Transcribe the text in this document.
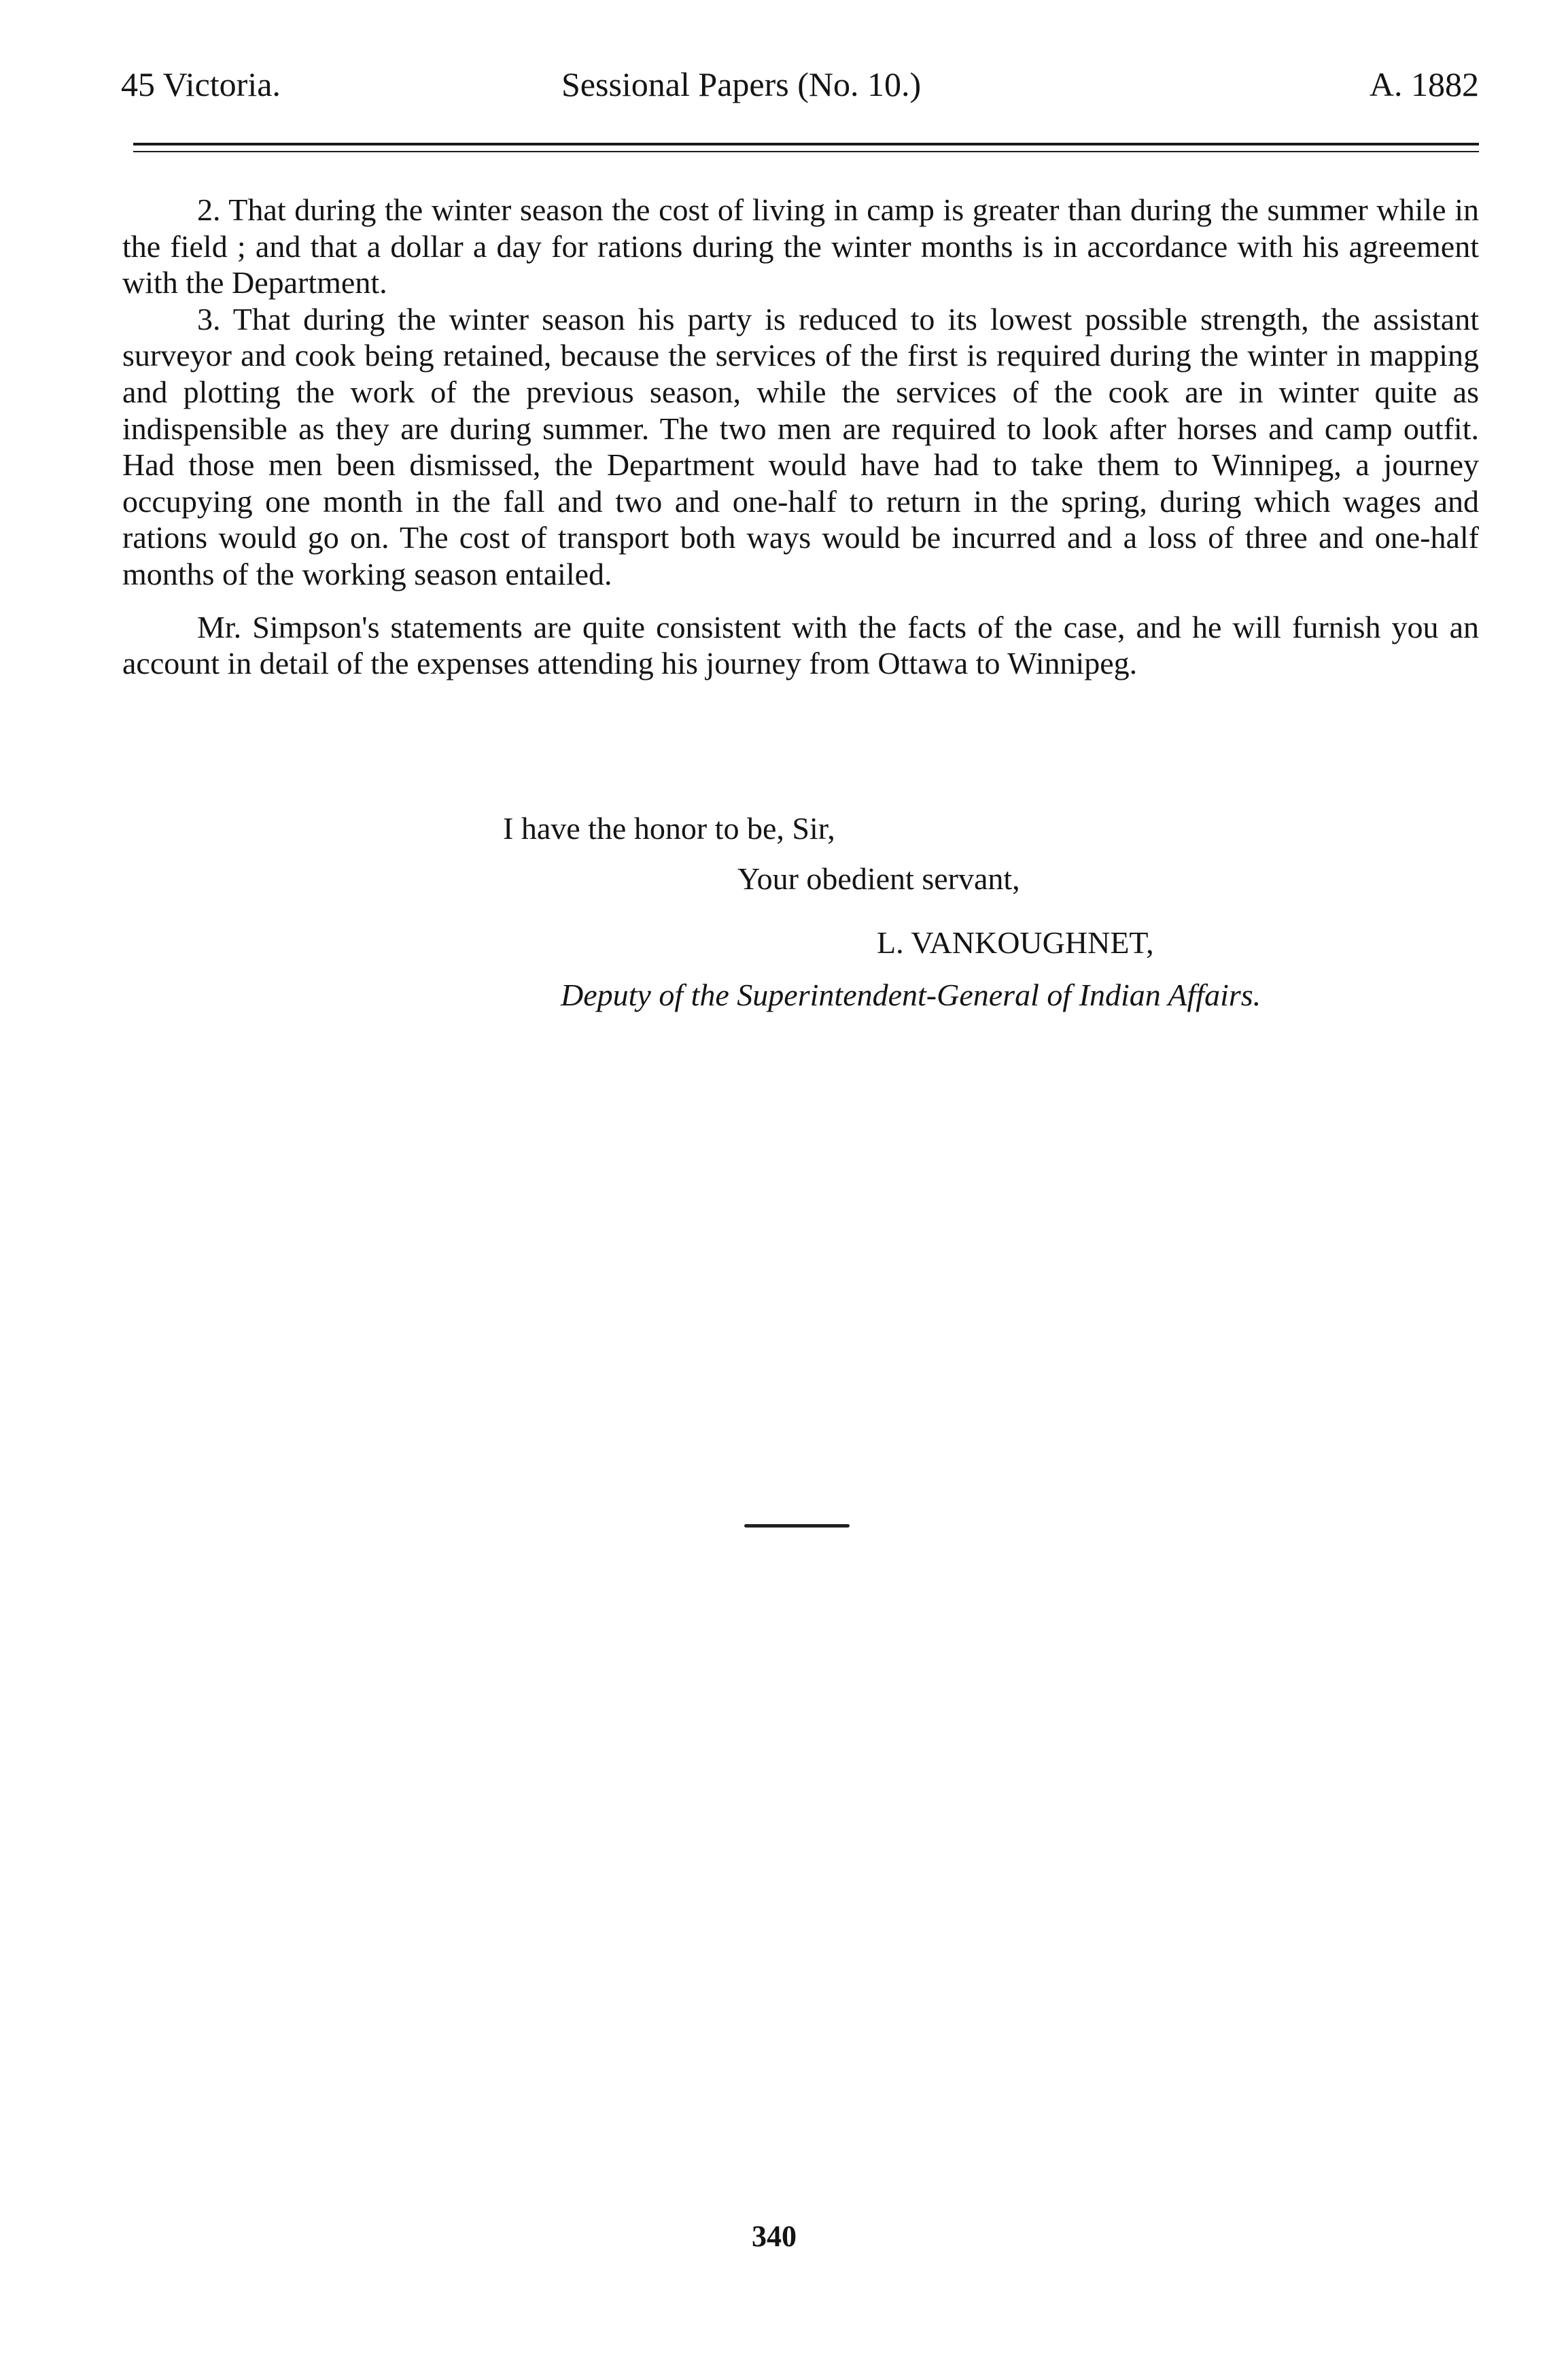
45 Victoria.	Sessional Papers (No. 10.)	A. 1882

2. That during the winter season the cost of living in camp is greater than during the summer while in the field ; and that a dollar a day for rations during the winter months is in accordance with his agreement with the Department.

3. That during the winter season his party is reduced to its lowest possible strength, the assistant surveyor and cook being retained, because the services of the first is required during the winter in mapping and plotting the work of the previous season, while the services of the cook are in winter quite as indispensible as they are during summer. The two men are required to look after horses and camp outfit. Had those men been dismissed, the Department would have had to take them to Winnipeg, a journey occupying one month in the fall and two and one-half to return in the spring, during which wages and rations would go on. The cost of transport both ways would be incurred and a loss of three and one-half months of the working season entailed.

Mr. Simpson's statements are quite consistent with the facts of the case, and he will furnish you an account in detail of the expenses attending his journey from Ottawa to Winnipeg.

I have the honor to be, Sir,
Your obedient servant,
L. VANKOUGHNET,
Deputy of the Superintendent-General of Indian Affairs.
340
